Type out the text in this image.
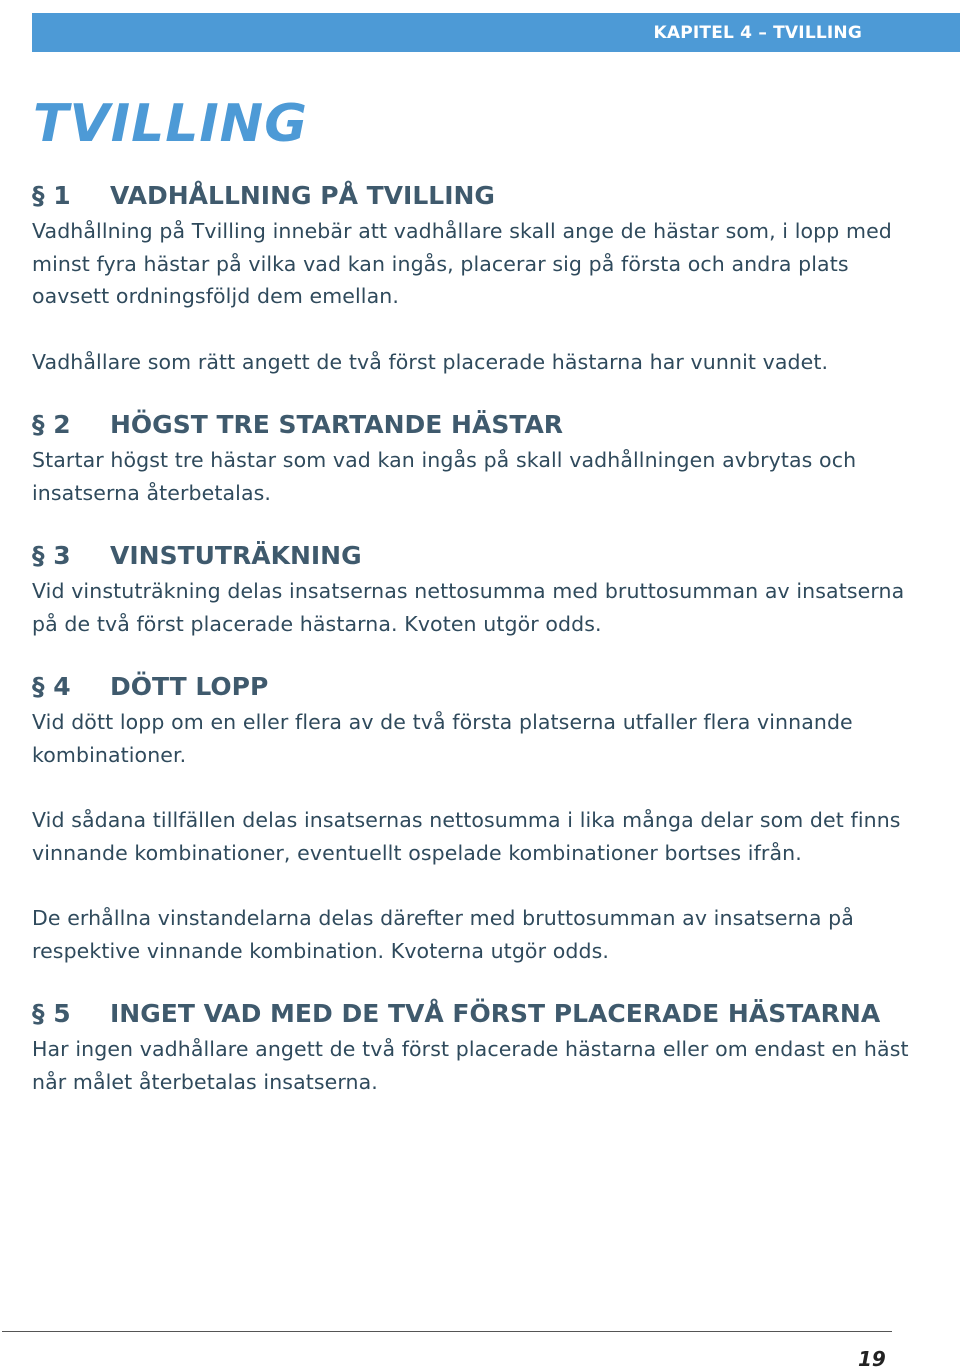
KAPITEL 4 – TVILLING
TVILLING
§ 1	VADHÅLLNING PÅ TVILLING

Vadhållning på Tvilling innebär att vadhållare skall ange de hästar som, i lopp med minst fyra hästar på vilka vad kan ingås, placerar sig på första och andra plats oavsett ordningsföljd dem emellan.

Vadhållare som rätt angett de två först placerade hästarna har vunnit vadet.

§ 2	HÖGST TRE STARTANDE HÄSTAR

Startar högst tre hästar som vad kan ingås på skall vadhållningen avbrytas och insatserna återbetalas.

§ 3	VINSTUTRÄKNING

Vid vinstuträkning delas insatsernas nettosumma med bruttosumman av insatserna på de två först placerade hästarna. Kvoten utgör odds.

§ 4	DÖTT LOPP

Vid dött lopp om en eller flera av de två första platserna utfaller flera vinnande kombinationer.

Vid sådana tillfällen delas insatsernas nettosumma i lika många delar som det finns vinnande kombinationer, eventuellt ospelade kombinationer bortses ifrån.

De erhållna vinstandelarna delas därefter med bruttosumman av insatserna på respektive vinnande kombination. Kvoterna utgör odds.

§ 5	INGET VAD MED DE TVÅ FÖRST PLACERADE HÄSTARNA

Har ingen vadhållare angett de två först placerade hästarna eller om endast en häst når målet återbetalas insatserna.

19
